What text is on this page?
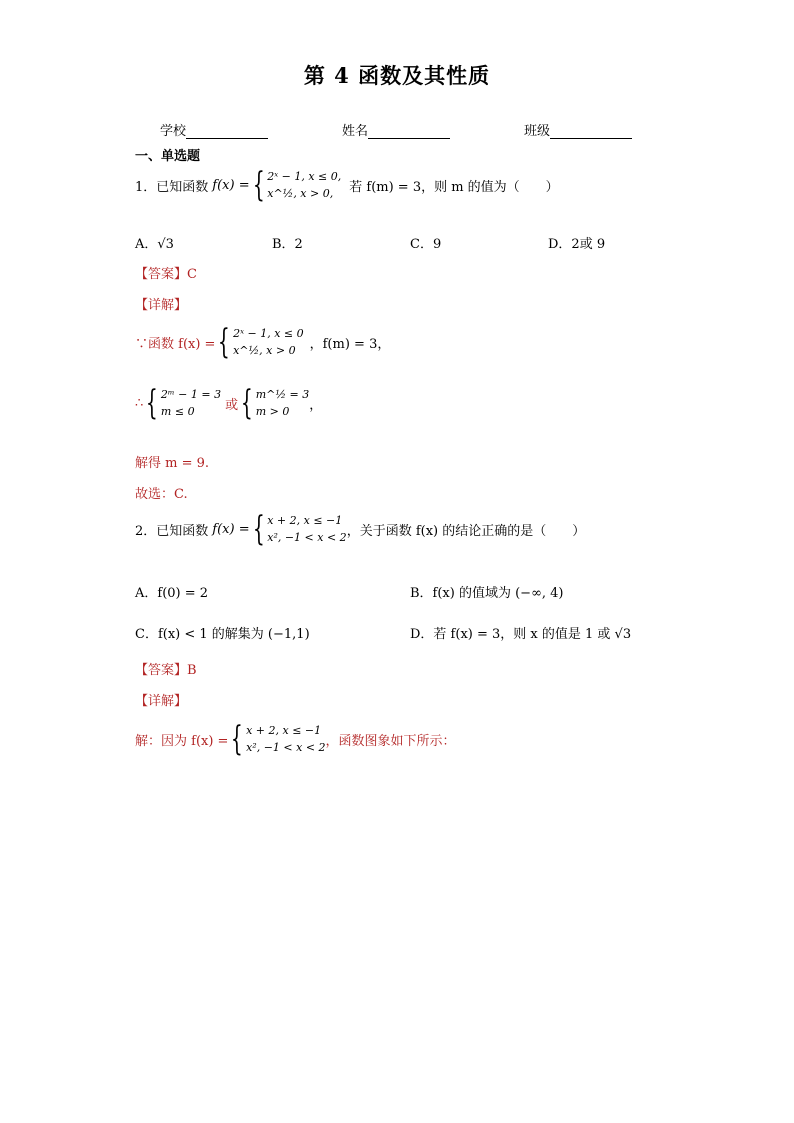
第 4 函数及其性质
学校	姓名	班级
一、单选题
1．已知函数 f(x) = { 2ˣ − 1, x ≤ 0,
x^½, x > 0,	若 f(m) = 3，则 m 的值为（　　）
A．√3	B．2	C．9	D．2或 9
【答案】C
【详解】
∵函数 f(x) = { 2ˣ − 1, x ≤ 0
x^½, x > 0	，f(m) = 3，
∴ { 2ᵐ − 1 = 3
m ≤ 0	或 { m^½ = 3
m > 0	，
解得 m = 9.
故选：C.
2．已知函数 f(x) = { x + 2, x ≤ −1
x², −1 < x < 2 ，关于函数 f(x) 的结论正确的是（　　）
A．f(0) = 2	B．f(x) 的值域为 (−∞, 4)
C．f(x) < 1 的解集为 (−1,1)	D．若 f(x) = 3，则 x 的值是 1 或 √3
【答案】B
【详解】
解：因为 f(x) = { x + 2, x ≤ −1
x², −1 < x < 2 ，函数图象如下所示：
